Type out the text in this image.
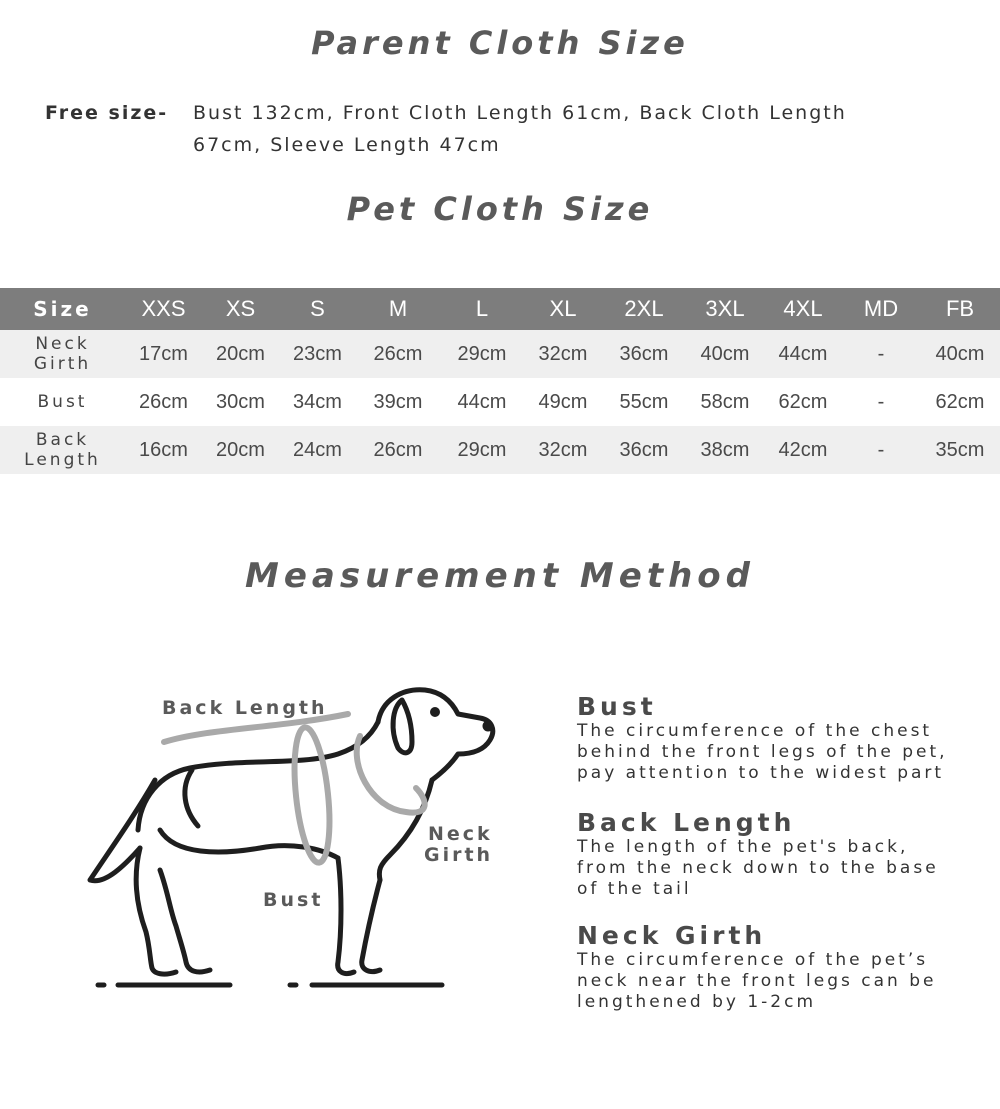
Parent Cloth Size
Free size- Bust 132cm, Front Cloth Length 61cm, Back Cloth Length
67cm, Sleeve Length 47cm
Pet Cloth Size
Size	XXS	XS	S	M	L	XL	2XL	3XL	4XL	MD	FB
Neck
Girth	17cm	20cm	23cm	26cm	29cm	32cm	36cm	40cm	44cm	-	40cm
Bust	26cm	30cm	34cm	39cm	44cm	49cm	55cm	58cm	62cm	-	62cm
Back
Length	16cm	20cm	24cm	26cm	29cm	32cm	36cm	38cm	42cm	-	35cm
Measurement Method
Back Length
Neck
Girth
Bust
Bust

The circumference of the chest
behind the front legs of the pet,
pay attention to the widest part

Back Length

The length of the pet's back,
from the neck down to the base
of the tail

Neck Girth

The circumference of the pet’s
neck near the front legs can be
lengthened by 1-2cm
